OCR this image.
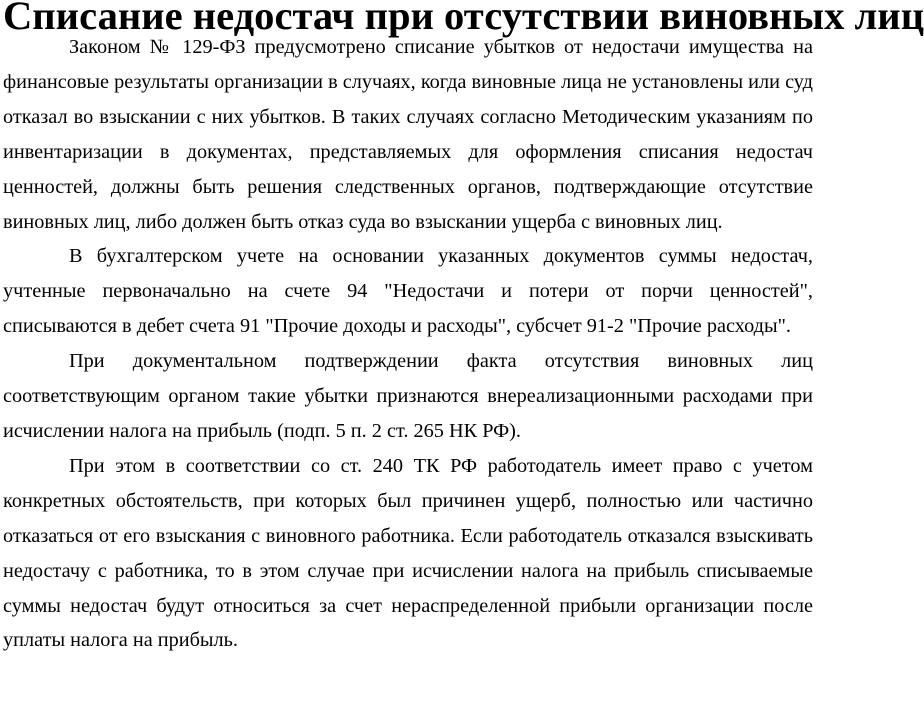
Списание недостач при отсутствии виновных лиц

Законом № 129-ФЗ предусмотрено списание убытков от недостачи имущества на финансовые результаты организации в случаях, когда виновные лица не установлены или суд отказал во взыскании с них убытков. В таких случаях согласно Методическим указаниям по инвентаризации в документах, представляемых для оформления списания недостач ценностей, должны быть решения следственных органов, подтверждающие отсутствие виновных лиц, либо должен быть отказ суда во взыскании ущерба с виновных лиц.

В бухгалтерском учете на основании указанных документов суммы недостач, учтенные первоначально на счете 94 "Недостачи и потери от порчи ценностей", списываются в дебет счета 91 "Прочие доходы и расходы", субсчет 91-2 "Прочие расходы".

При документальном подтверждении факта отсутствия виновных лиц соответствующим органом такие убытки признаются внереализационными расходами при исчислении налога на прибыль (подп. 5 п. 2 ст. 265 НК РФ).

При этом в соответствии со ст. 240 ТК РФ работодатель имеет право с учетом конкретных обстоятельств, при которых был причинен ущерб, полностью или частично отказаться от его взыскания с виновного работника. Если работодатель отказался взыскивать недостачу с работника, то в этом случае при исчислении налога на прибыль списываемые суммы недостач будут относиться за счет нераспределенной прибыли организации после уплаты налога на прибыль.
